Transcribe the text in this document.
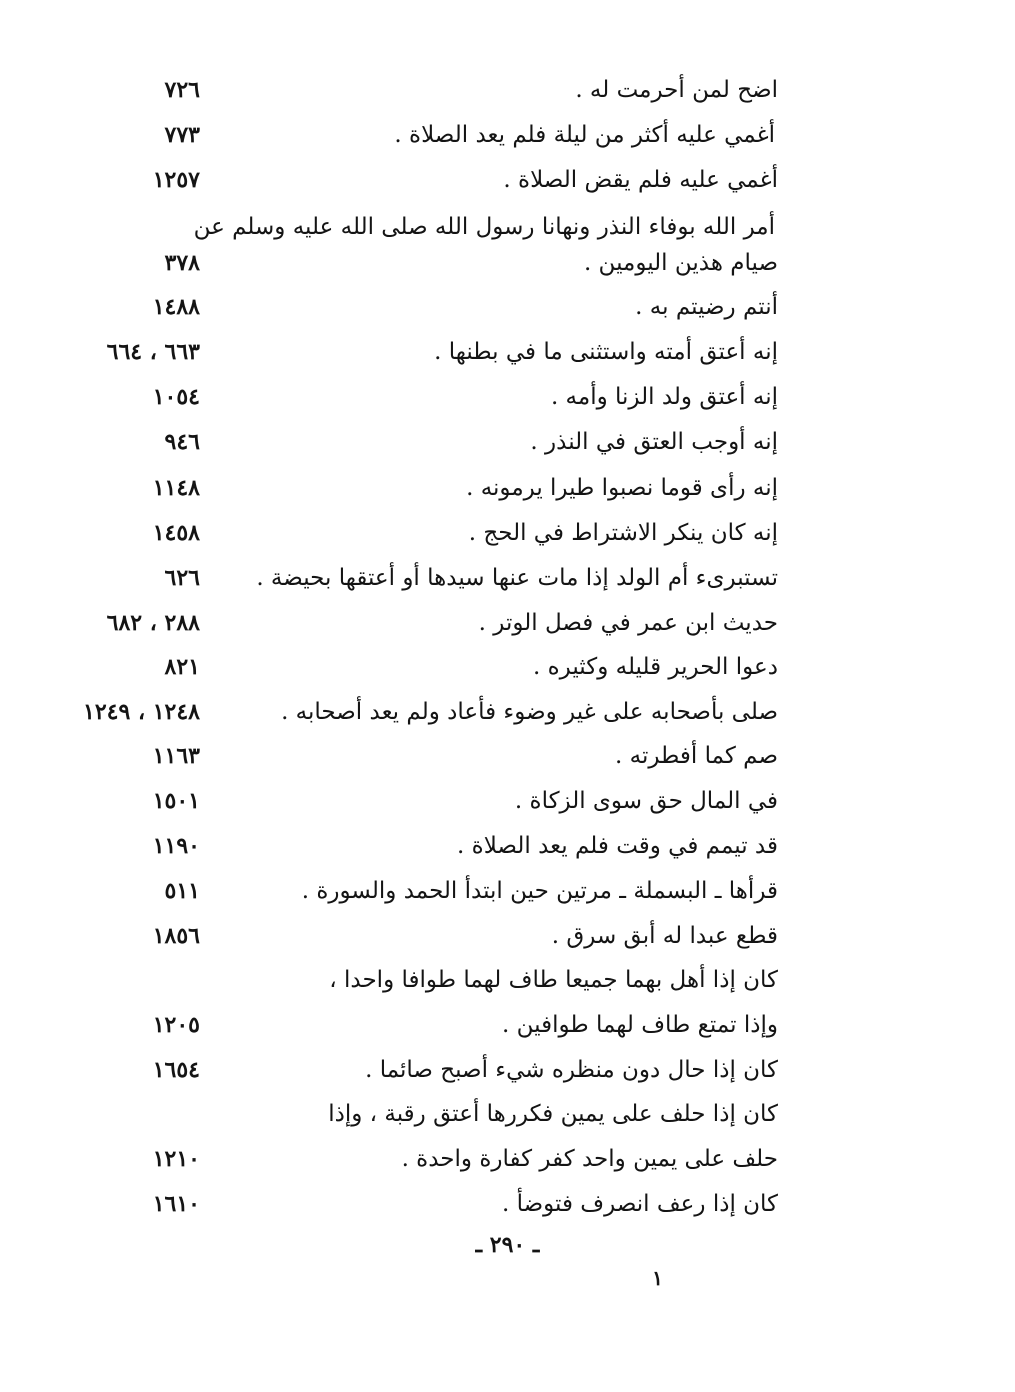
اضح لمن أحرمت له .
٧٢٦
أغمي عليه أكثر من ليلة فلم يعد الصلاة .
٧٧٣
أغمي عليه فلم يقض الصلاة .
١٢٥٧
أمر الله بوفاء النذر ونهانا رسول الله صلى الله عليه وسلم عن
صيام هذين اليومين .
٣٧٨
أنتم رضيتم به .
١٤٨٨
إنه أعتق أمته واستثنى ما في بطنها .
٦٦٣ ، ٦٦٤
إنه أعتق ولد الزنا وأمه .
١٠٥٤
إنه أوجب العتق في النذر .
٩٤٦
إنه رأى قوما نصبوا طيرا يرمونه .
١١٤٨
إنه كان ينكر الاشتراط في الحج .
١٤٥٨
تستبرىء أم الولد إذا مات عنها سيدها أو أعتقها بحيضة .
٦٢٦
حديث ابن عمر في فصل الوتر .
٢٨٨ ، ٦٨٢
دعوا الحرير قليله وكثيره .
٨٢١
صلى بأصحابه على غير وضوء فأعاد ولم يعد أصحابه .
١٢٤٨ ، ١٢٤٩
صم كما أفطرته .
١١٦٣
في المال حق سوى الزكاة .
١٥٠١
قد تيمم في وقت فلم يعد الصلاة .
١١٩٠
قرأها ـ البسملة ـ مرتين حين ابتدأ الحمد والسورة .
٥١١
قطع عبدا له أبق سرق .
١٨٥٦
كان إذا أهل بهما جميعا طاف لهما طوافا واحدا ،
وإذا تمتع طاف لهما طوافين .
١٢٠٥
كان إذا حال دون منظره شيء أصبح صائما .
١٦٥٤
كان إذا حلف على يمين فكررها أعتق رقبة ، وإذا
حلف على يمين واحد كفر كفارة واحدة .
١٢١٠
كان إذا رعف انصرف فتوضأ .
١٦١٠
ـ ٢٩٠ ـ
١
